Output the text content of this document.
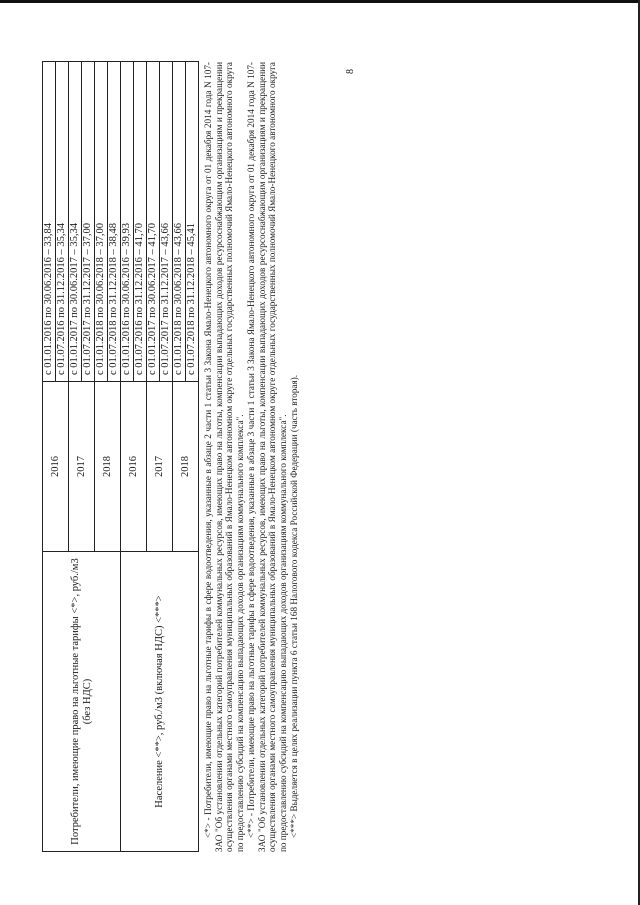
Потребители, имеющие право на льготные тарифы <*>, руб./м3 (без НДС)	2016	с 01.01.2016 по 30.06.2016 – 33,84
		с 01.07.2016 по 31.12.2016 – 35,34
	2017	с 01.01.2017 по 30.06.2017 – 35,34
		с 01.07.2017 по 31.12.2017 – 37,00
	2018	с 01.01.2018 по 30.06.2018 – 37,00
		с 01.07.2018 по 31.12.2018 – 38,48
Население <**>, руб./м3 (включая НДС) <***>	2016	с 01.01.2016 по 30.06.2016 – 39,93
		с 01.07.2016 по 31.12.2016 – 41,70
	2017	с 01.01.2017 по 30.06.2017 – 41,70
		с 01.07.2017 по 31.12.2017 – 43,66
	2018	с 01.01.2018 по 30.06.2018 – 43,66
		с 01.07.2018 по 31.12.2018 – 45,41 <*> - Потребители, имеющие право на льготные тарифы в сфере водоотведения, указанные в абзаце 2 части 1 статьи 3 Закона Ямало-Ненецкого автономного округа от 01 декабря 2014 года N 107-ЗАО "Об установлении отдельных категорий потребителей коммунальных ресурсов, имеющих право на льготы, компенсации выпадающих доходов ресурсоснабжающим организациям и прекращении осуществления органами местного самоуправления муниципальных образований в Ямало-Ненецком автономном округе отдельных государственных полномочий Ямало-Ненецкого автономного округа по предоставлению субсидий на компенсацию выпадающих доходов организациям коммунального комплекса". <**> - Потребители, имеющие право на льготные тарифы в сфере водоотведения, указанные в абзаце 3 части 1 статьи 3 Закона Ямало-Ненецкого автономного округа от 01 декабря 2014 года N 107-ЗАО "Об установлении отдельных категорий потребителей коммунальных ресурсов, имеющих право на льготы, компенсации выпадающих доходов ресурсоснабжающим организациям и прекращении осуществления органами местного самоуправления муниципальных образований в Ямало-Ненецком автономном округе отдельных государственных полномочий Ямало-Ненецкого автономного округа по предоставлению субсидий на компенсацию выпадающих доходов организациям коммунального комплекса". <***> Выделяется в целях реализации пункта 6 статьи 168 Налогового кодекса Российской Федерации (часть вторая).

8
